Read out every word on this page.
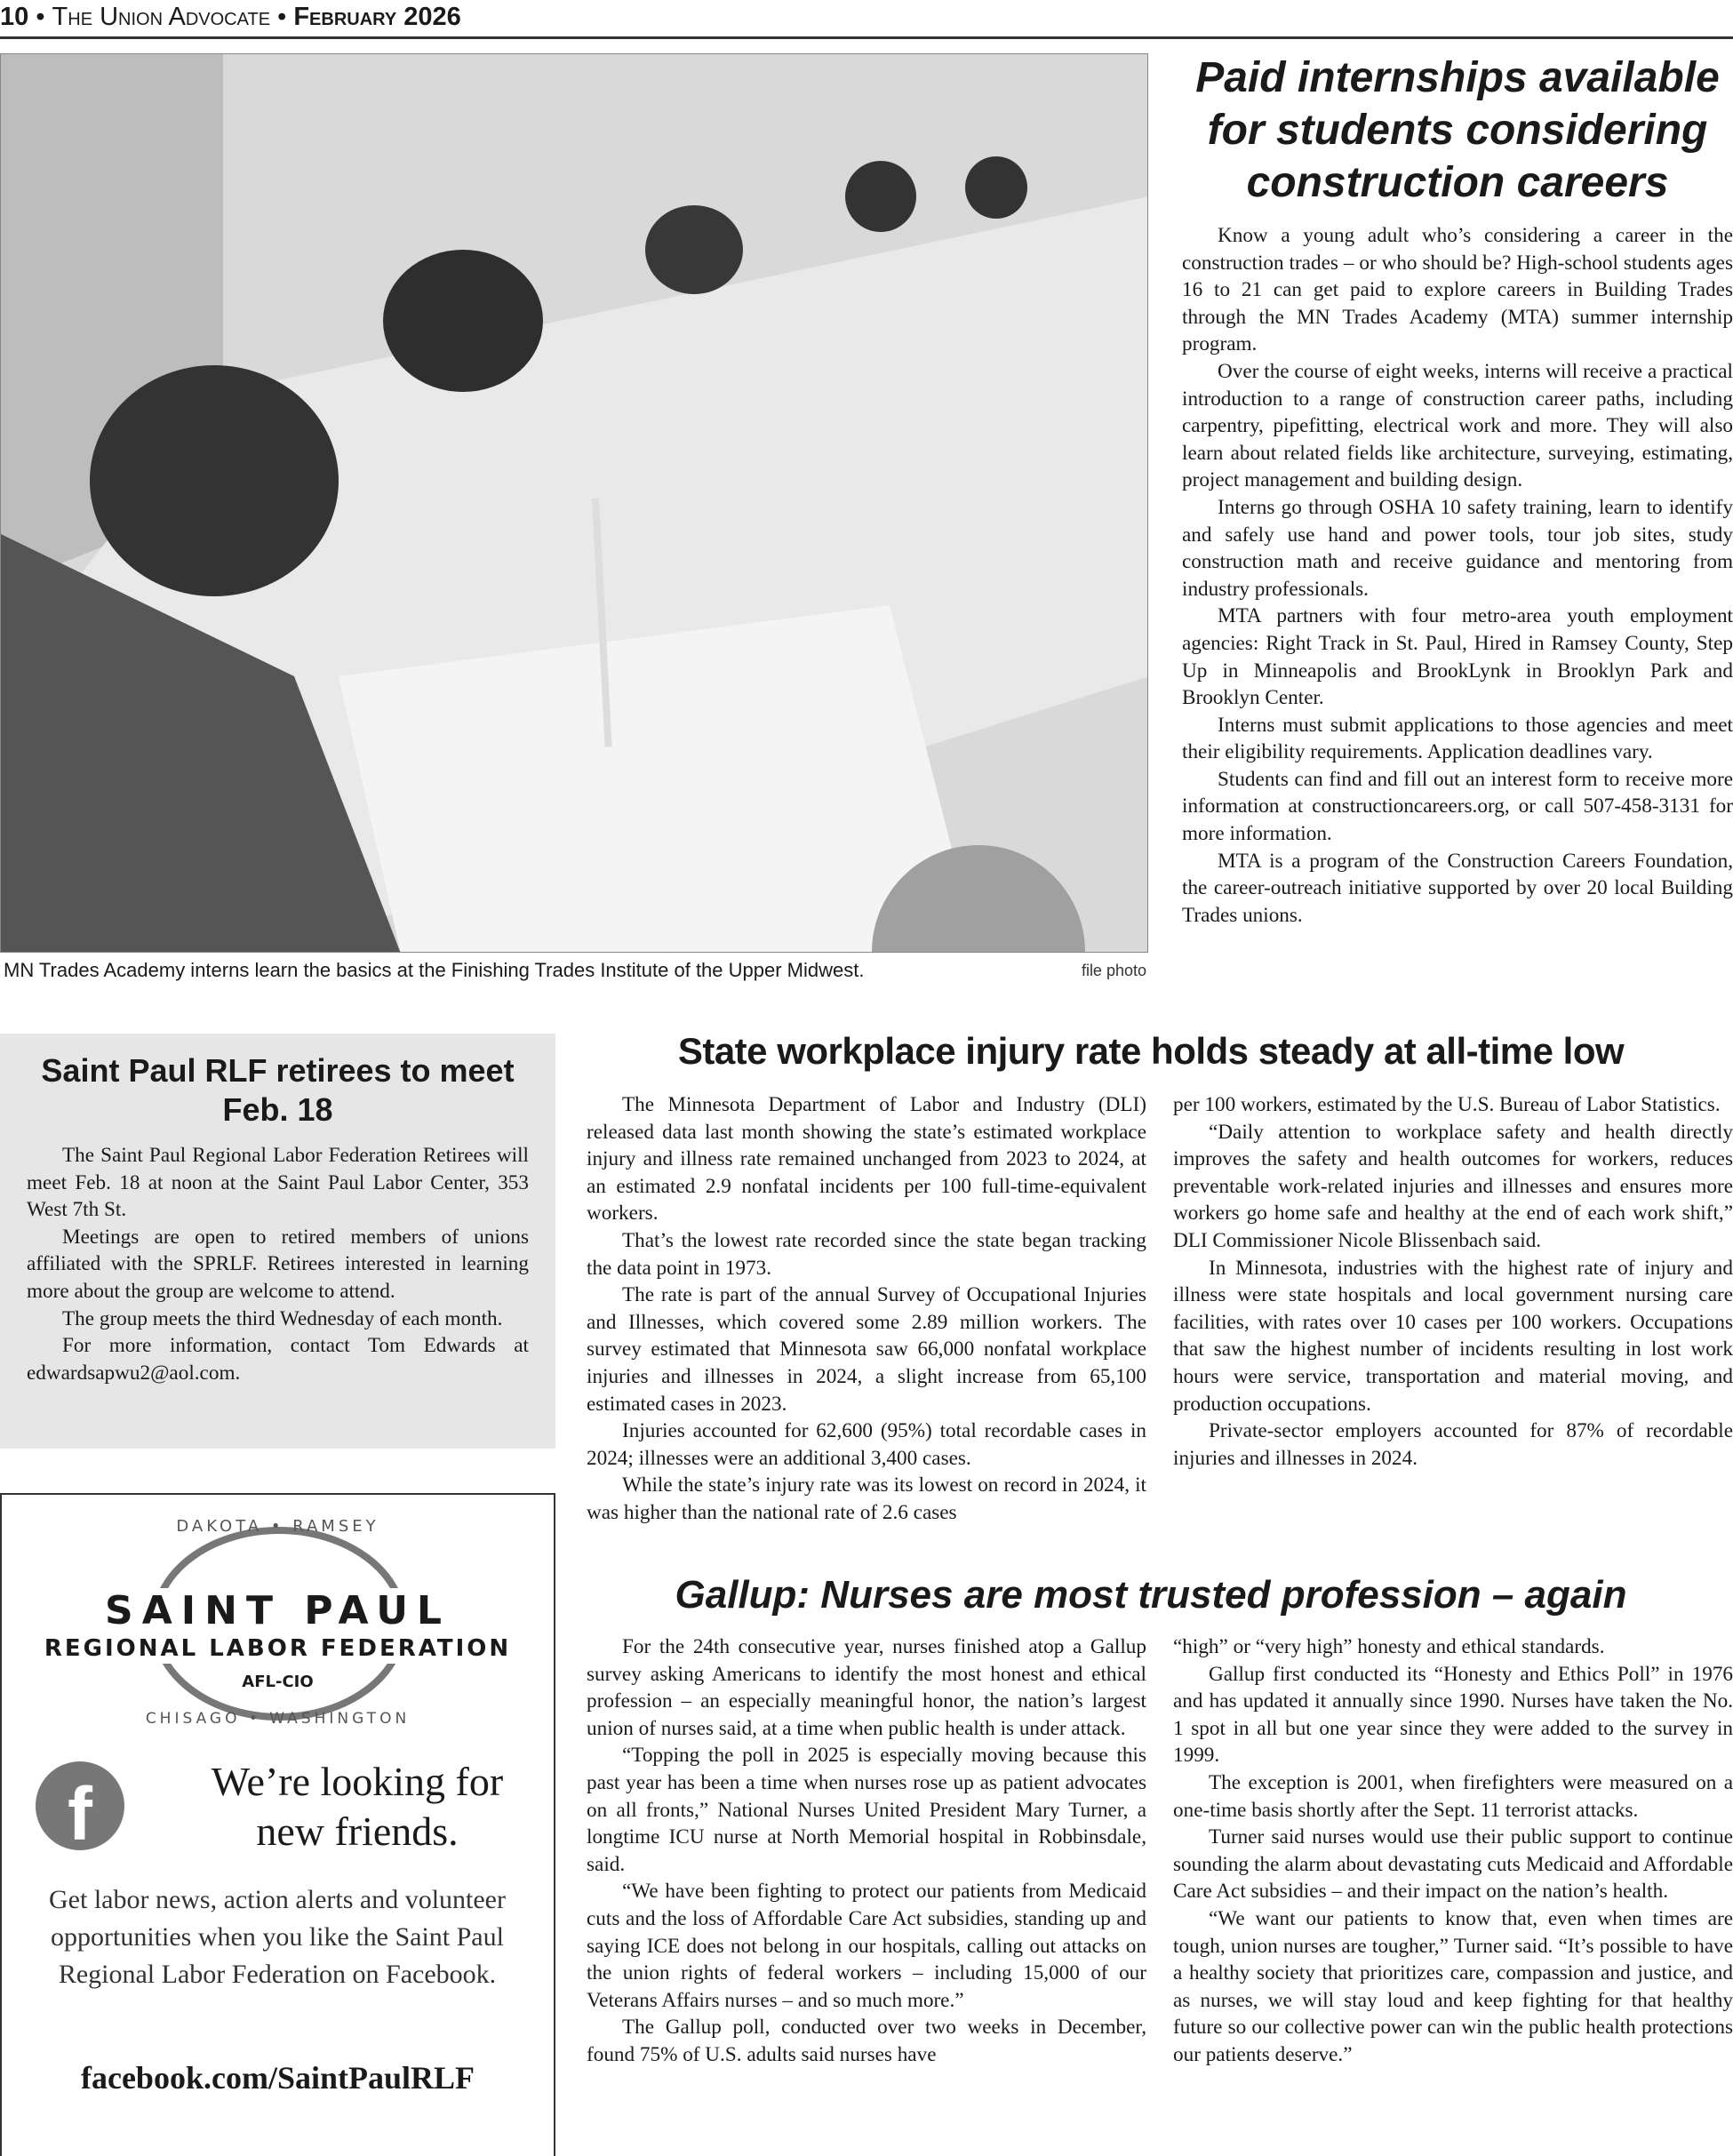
10 • The Union Advocate • February 2026
MN Trades Academy interns learn the basics at the Finishing Trades Institute of the Upper Midwest.	file photo
Paid internships available for students considering construction careers

Know a young adult who’s considering a career in the construction trades – or who should be? High-school students ages 16 to 21 can get paid to explore careers in Building Trades through the MN Trades Academy (MTA) summer internship program.

Over the course of eight weeks, interns will receive a practical introduction to a range of construction career paths, including carpentry, pipefitting, electrical work and more. They will also learn about related fields like architecture, surveying, estimating, project management and building design.

Interns go through OSHA 10 safety training, learn to identify and safely use hand and power tools, tour job sites, study construction math and receive guidance and mentoring from industry professionals.

MTA partners with four metro-area youth employment agencies: Right Track in St. Paul, Hired in Ramsey County, Step Up in Minneapolis and BrookLynk in Brooklyn Park and Brooklyn Center.

Interns must submit applications to those agencies and meet their eligibility requirements. Application deadlines vary.

Students can find and fill out an interest form to receive more information at constructioncareers.org, or call 507-458-3131 for more information.

MTA is a program of the Construction Careers Foundation, the career-outreach initiative supported by over 20 local Building Trades unions.

Saint Paul RLF retirees to meet Feb. 18

The Saint Paul Regional Labor Federation Retirees will meet Feb. 18 at noon at the Saint Paul Labor Center, 353 West 7th St.

Meetings are open to retired members of unions affiliated with the SPRLF. Retirees interested in learning more about the group are welcome to attend.

The group meets the third Wednesday of each month.

For more information, contact Tom Edwards at edwardsapwu2@aol.com.

DAKOTA • RAMSEY
SAINT PAUL
REGIONAL LABOR FEDERATION
AFL-CIO
CHISAGO • WASHINGTON
f	We’re looking for new friends.
Get labor news, action alerts and volunteer opportunities when you like the Saint Paul Regional Labor Federation on Facebook.
facebook.com/SaintPaulRLF
State workplace injury rate holds steady at all-time low

The Minnesota Department of Labor and Industry (DLI) released data last month showing the state’s estimated workplace injury and illness rate remained unchanged from 2023 to 2024, at an estimated 2.9 nonfatal incidents per 100 full-time-equivalent workers.

That’s the lowest rate recorded since the state began tracking the data point in 1973.

The rate is part of the annual Survey of Occupational Injuries and Illnesses, which covered some 2.89 million workers. The survey estimated that Minnesota saw 66,000 nonfatal workplace injuries and illnesses in 2024, a slight increase from 65,100 estimated cases in 2023.

Injuries accounted for 62,600 (95%) total recordable cases in 2024; illnesses were an additional 3,400 cases.

While the state’s injury rate was its lowest on record in 2024, it was higher than the national rate of 2.6 cases

per 100 workers, estimated by the U.S. Bureau of Labor Statistics.

“Daily attention to workplace safety and health directly improves the safety and health outcomes for workers, reduces preventable work-related injuries and illnesses and ensures more workers go home safe and healthy at the end of each work shift,” DLI Commissioner Nicole Blissenbach said.

In Minnesota, industries with the highest rate of injury and illness were state hospitals and local government nursing care facilities, with rates over 10 cases per 100 workers. Occupations that saw the highest number of incidents resulting in lost work hours were service, transportation and material moving, and production occupations.

Private-sector employers accounted for 87% of recordable injuries and illnesses in 2024.

Gallup: Nurses are most trusted profession – again

For the 24th consecutive year, nurses finished atop a Gallup survey asking Americans to identify the most honest and ethical profession – an especially meaningful honor, the nation’s largest union of nurses said, at a time when public health is under attack.

“Topping the poll in 2025 is especially moving because this past year has been a time when nurses rose up as patient advocates on all fronts,” National Nurses United President Mary Turner, a longtime ICU nurse at North Memorial hospital in Robbinsdale, said.

“We have been fighting to protect our patients from Medicaid cuts and the loss of Affordable Care Act subsidies, standing up and saying ICE does not belong in our hospitals, calling out attacks on the union rights of federal workers – including 15,000 of our Veterans Affairs nurses – and so much more.”

The Gallup poll, conducted over two weeks in December, found 75% of U.S. adults said nurses have

“high” or “very high” honesty and ethical standards.

Gallup first conducted its “Honesty and Ethics Poll” in 1976 and has updated it annually since 1990. Nurses have taken the No. 1 spot in all but one year since they were added to the survey in 1999.

The exception is 2001, when firefighters were measured on a one-time basis shortly after the Sept. 11 terrorist attacks.

Turner said nurses would use their public support to continue sounding the alarm about devastating cuts Medicaid and Affordable Care Act subsidies – and their impact on the nation’s health.

“We want our patients to know that, even when times are tough, union nurses are tougher,” Turner said. “It’s possible to have a healthy society that prioritizes care, compassion and justice, and as nurses, we will stay loud and keep fighting for that healthy future so our collective power can win the public health protections our patients deserve.”
